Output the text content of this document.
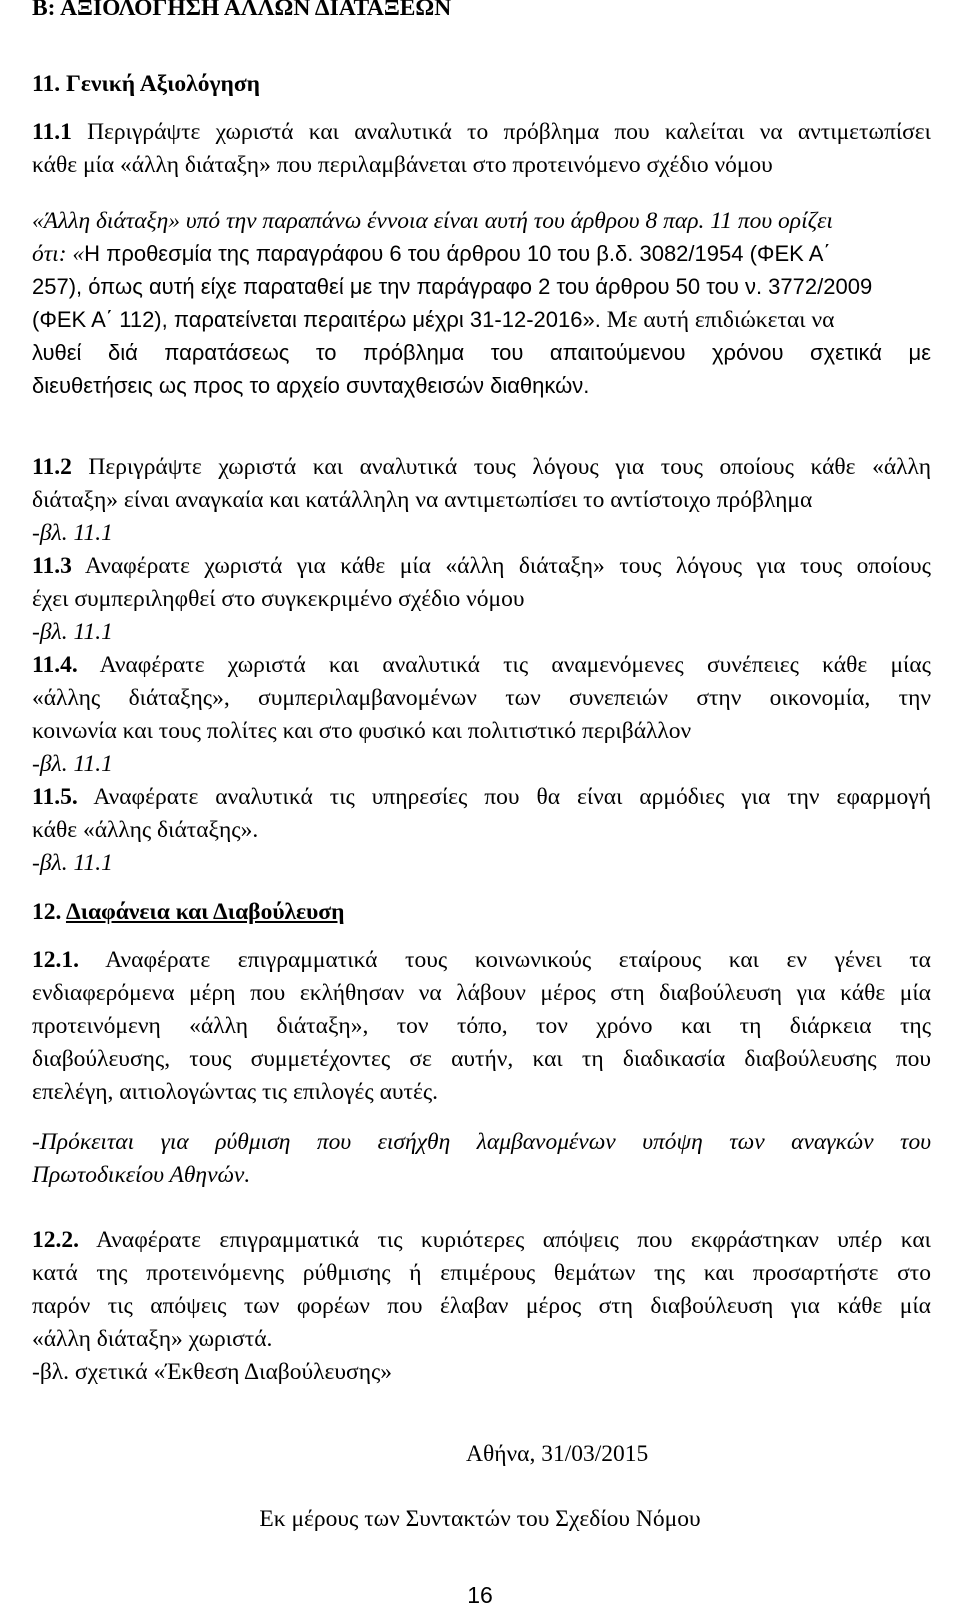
Β: ΑΞΙΟΛΟΓΗΣΗ ΑΛΛΩΝ ΔΙΑΤΑΞΕΩΝ
11. Γενική Αξιολόγηση
11.1 Περιγράψτε χωριστά και αναλυτικά το πρόβλημα που καλείται να αντιμετωπίσει
κάθε μία «άλλη διάταξη» που περιλαμβάνεται στο προτεινόμενο σχέδιο νόμου
«Άλλη διάταξη» υπό την παραπάνω έννοια είναι αυτή του άρθρου 8 παρ. 11 που ορίζει
ότι: «Η προθεσμία της παραγράφου 6 του άρθρου 10 του β.δ. 3082/1954 (ΦΕΚ Α΄
257), όπως αυτή είχε παραταθεί με την παράγραφο 2 του άρθρου 50 του ν. 3772/2009
(ΦΕΚ Α΄ 112), παρατείνεται περαιτέρω μέχρι 31-12-2016». Με αυτή επιδιώκεται να
λυθεί διά παρατάσεως το πρόβλημα του απαιτούμενου χρόνου σχετικά με
διευθετήσεις ως προς το αρχείο συνταχθεισών διαθηκών.
11.2 Περιγράψτε χωριστά και αναλυτικά τους λόγους για τους οποίους κάθε «άλλη
διάταξη» είναι αναγκαία και κατάλληλη να αντιμετωπίσει το αντίστοιχο πρόβλημα
-βλ. 11.1
11.3 Αναφέρατε χωριστά για κάθε μία «άλλη διάταξη» τους λόγους για τους οποίους
έχει συμπεριληφθεί στο συγκεκριμένο σχέδιο νόμου
-βλ. 11.1
11.4. Αναφέρατε χωριστά και αναλυτικά τις αναμενόμενες συνέπειες κάθε μίας
«άλλης διάταξης», συμπεριλαμβανομένων των συνεπειών στην οικονομία, την
κοινωνία και τους πολίτες και στο φυσικό και πολιτιστικό περιβάλλον
-βλ. 11.1
11.5. Αναφέρατε αναλυτικά τις υπηρεσίες που θα είναι αρμόδιες για την εφαρμογή
κάθε «άλλης διάταξης».
-βλ. 11.1
12. Διαφάνεια και Διαβούλευση
12.1. Αναφέρατε επιγραμματικά τους κοινωνικούς εταίρους και εν γένει τα
ενδιαφερόμενα μέρη που εκλήθησαν να λάβουν μέρος στη διαβούλευση για κάθε μία
προτεινόμενη «άλλη διάταξη», τον τόπο, τον χρόνο και τη διάρκεια της
διαβούλευσης, τους συμμετέχοντες σε αυτήν, και τη διαδικασία διαβούλευσης που
επελέγη, αιτιολογώντας τις επιλογές αυτές.
-Πρόκειται για ρύθμιση που εισήχθη λαμβανομένων υπόψη των αναγκών του
Πρωτοδικείου Αθηνών.
12.2. Αναφέρατε επιγραμματικά τις κυριότερες απόψεις που εκφράστηκαν υπέρ και
κατά της προτεινόμενης ρύθμισης ή επιμέρους θεμάτων της και προσαρτήστε στο
παρόν τις απόψεις των φορέων που έλαβαν μέρος στη διαβούλευση για κάθε μία
«άλλη διάταξη» χωριστά.
-βλ. σχετικά «Έκθεση Διαβούλευσης»
Αθήνα, 31/03/2015
Εκ μέρους των Συντακτών του Σχεδίου Νόμου
16
